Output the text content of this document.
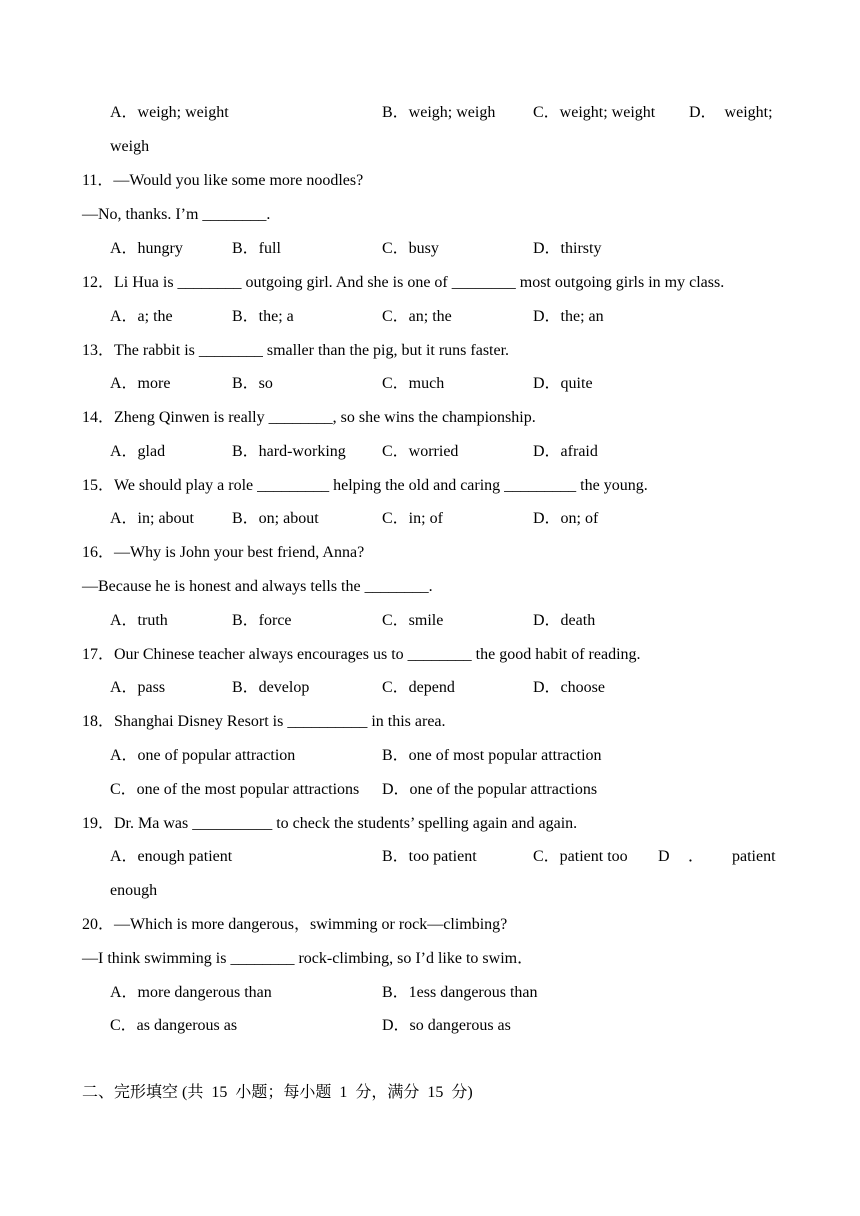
A．weigh; weight	B．weigh; weigh C．weight; weight D．  weight;
weigh
11．—Would you like some more noodles?
—No, thanks. I’m ________.
A．hungry	B．full	C．busy	D．thirsty
12．Li Hua is ________ outgoing girl. And she is one of ________ most outgoing girls in my class.
A．a; the	B．the; a	C．an; the	D．the; an
13．The rabbit is ________ smaller than the pig, but it runs faster.
A．more	B．so	C．much	D．quite
14．Zheng Qinwen is really ________, so she wins the championship.
A．glad	B．hard-working C．worried	D．afraid
15．We should play a role _________ helping the old and caring _________ the young.
A．in; about B．on; about	C．in; of	D．on; of
16．—Why is John your best friend, Anna?
—Because he is honest and always tells the ________.
A．truth	B．force	C．smile	D．death
17．Our Chinese teacher always encourages us to ________ the good habit of reading.
A．pass	B．develop	C．depend	D．choose
18．Shanghai Disney Resort is __________ in this area.
A．one of popular attraction	B．one of most popular attraction
C．one of the most popular attractions D．one of the popular attractions
19．Dr. Ma was __________ to check the students’ spelling again and again.
A．enough patient	B．too patient	C．patient too D ． patient
enough
20．—Which is more dangerous，swimming or rock—climbing?
—I think swimming is ________ rock-climbing, so I’d like to swim．
A．more dangerous than	B．1ess dangerous than
C．as dangerous as	D．so dangerous as
二、完形填空 (共  15  小题；每小题  1  分，满分  15  分)
